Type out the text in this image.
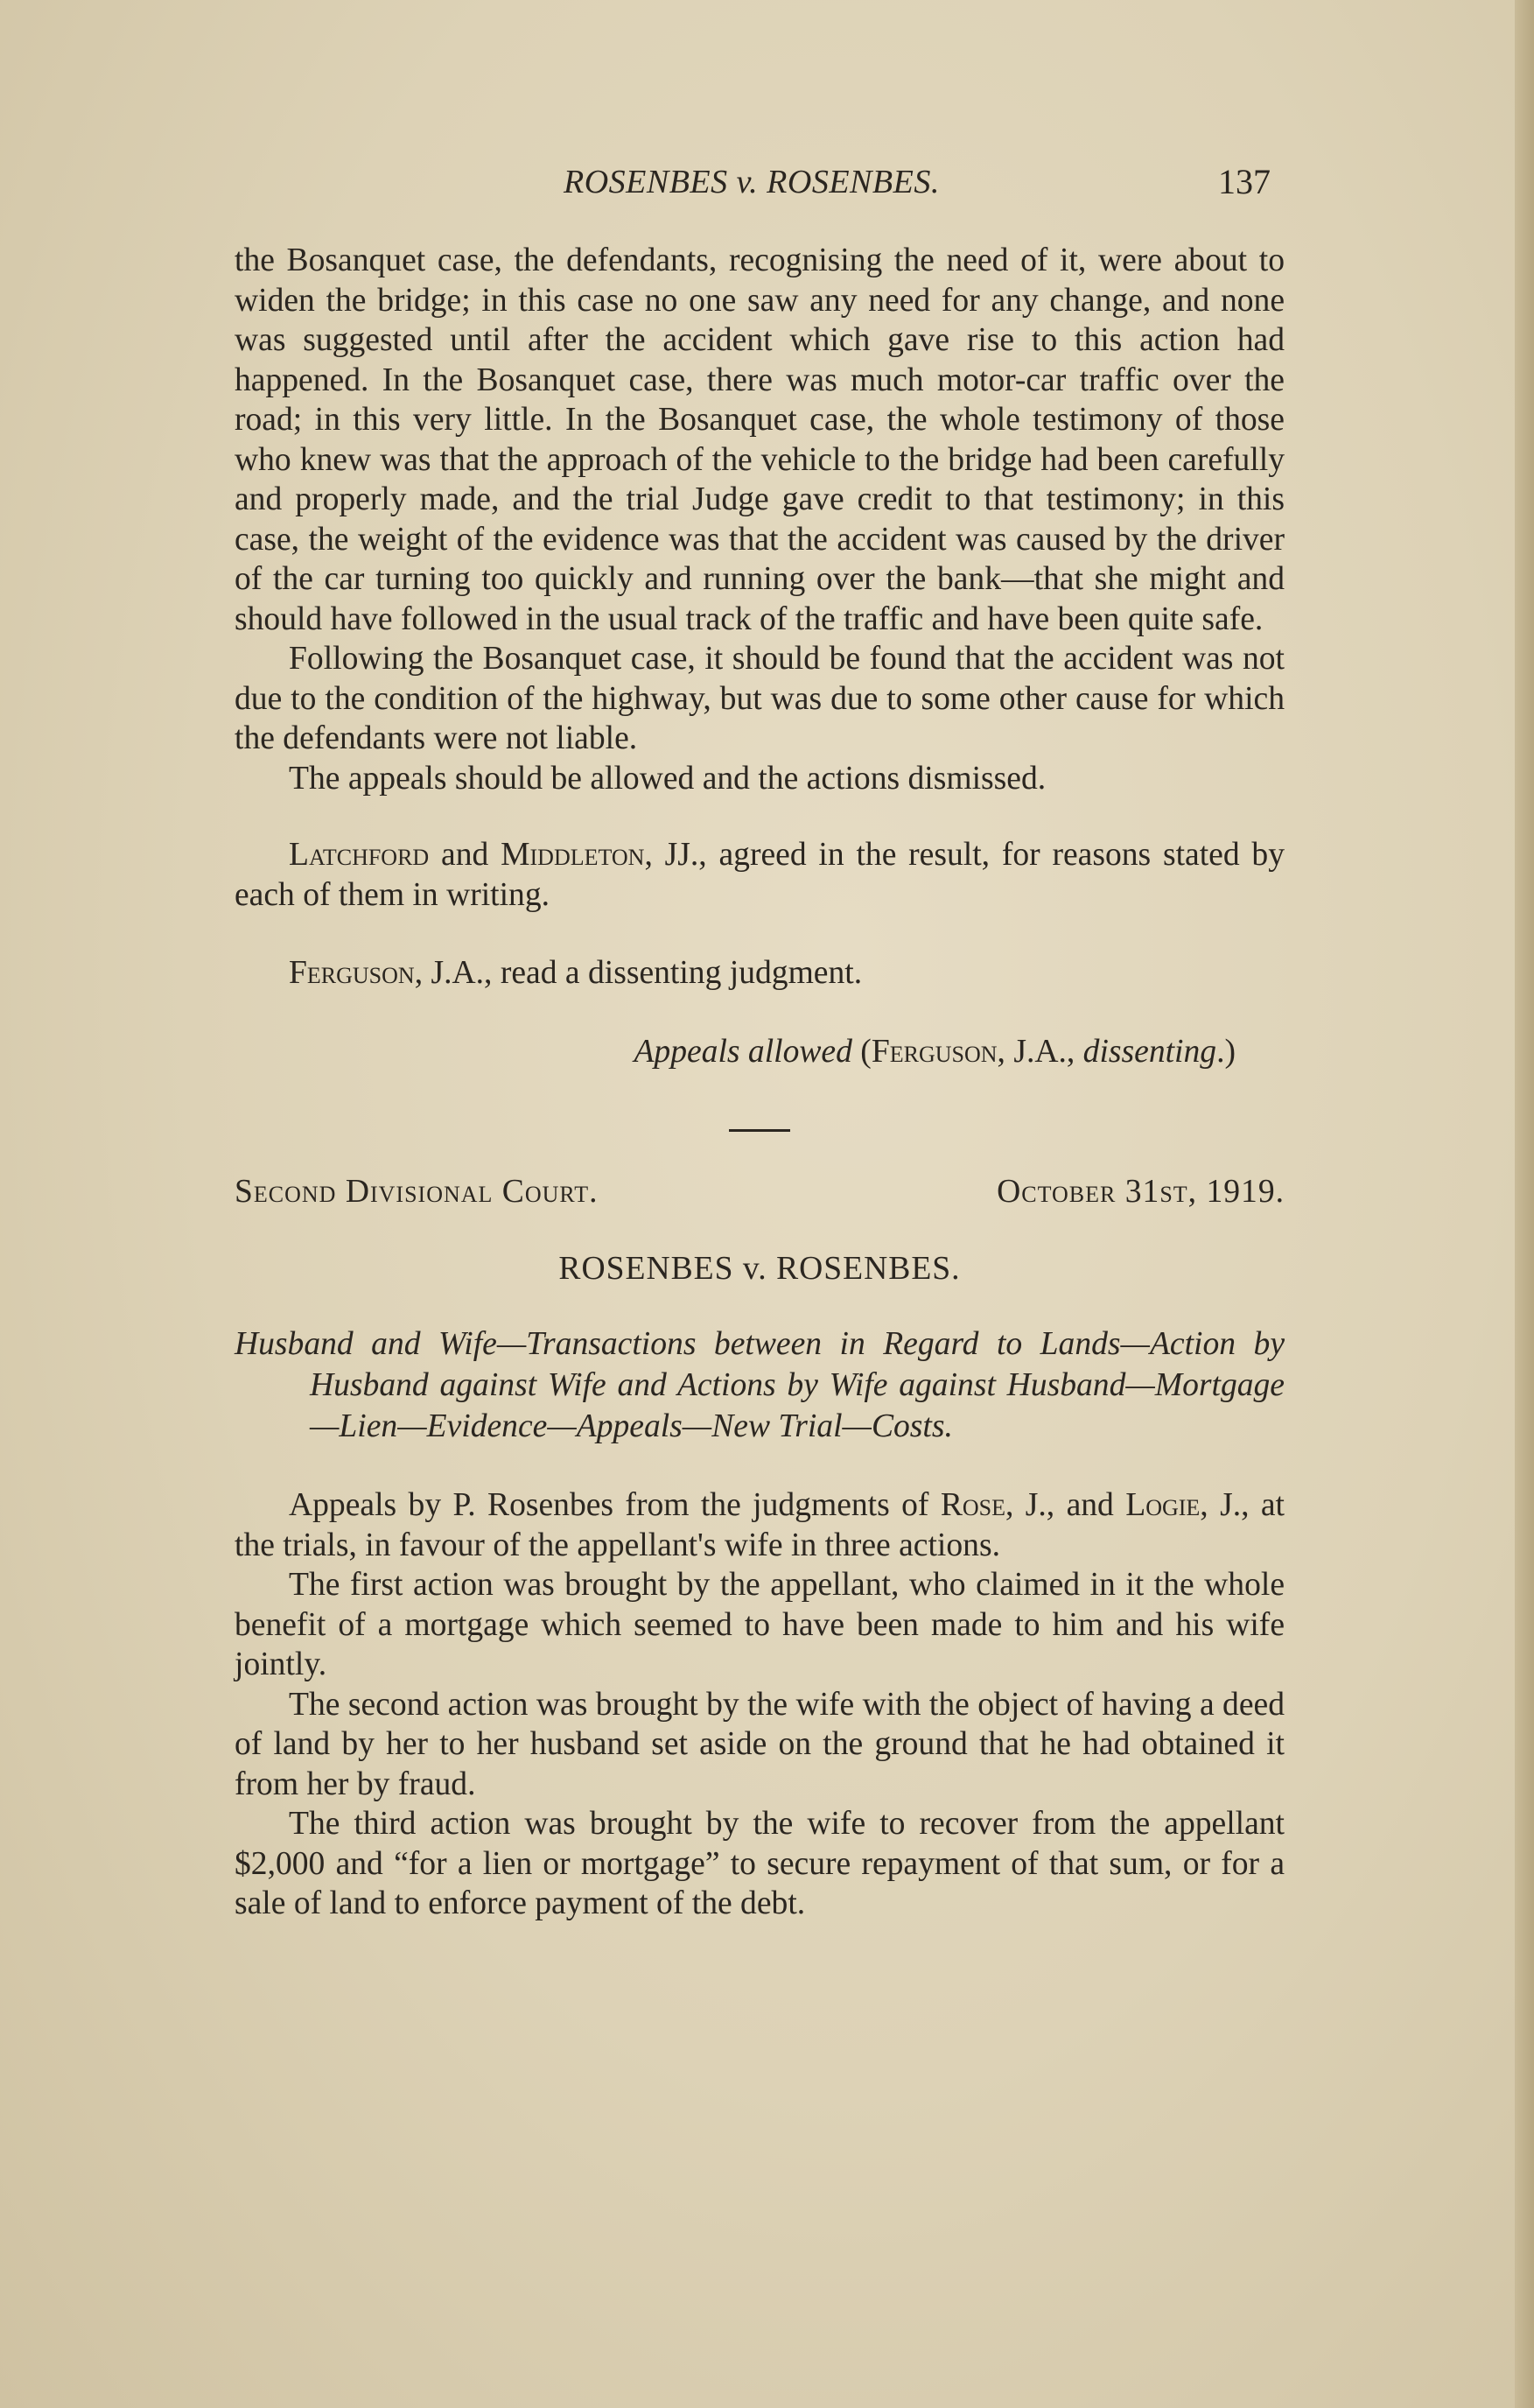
ROSENBES v. ROSENBES.	137

the Bosanquet case, the defendants, recognising the need of it, were about to widen the bridge; in this case no one saw any need for any change, and none was suggested until after the accident which gave rise to this action had happened. In the Bosanquet case, there was much motor-car traffic over the road; in this very little. In the Bosanquet case, the whole testimony of those who knew was that the approach of the vehicle to the bridge had been carefully and properly made, and the trial Judge gave credit to that testimony; in this case, the weight of the evidence was that the accident was caused by the driver of the car turning too quickly and running over the bank—that she might and should have followed in the usual track of the traffic and have been quite safe.

Following the Bosanquet case, it should be found that the accident was not due to the condition of the highway, but was due to some other cause for which the defendants were not liable.

The appeals should be allowed and the actions dismissed.

Latchford and Middleton, JJ., agreed in the result, for reasons stated by each of them in writing.

Ferguson, J.A., read a dissenting judgment.

Appeals allowed (Ferguson, J.A., dissenting.)
Second Divisional Court.	October 31st, 1919.
ROSENBES v. ROSENBES.
Husband and Wife—Transactions between in Regard to Lands—Action by Husband against Wife and Actions by Wife against Husband—Mortgage—Lien—Evidence—Appeals—New Trial—Costs.

Appeals by P. Rosenbes from the judgments of Rose, J., and Logie, J., at the trials, in favour of the appellant's wife in three actions.

The first action was brought by the appellant, who claimed in it the whole benefit of a mortgage which seemed to have been made to him and his wife jointly.

The second action was brought by the wife with the object of having a deed of land by her to her husband set aside on the ground that he had obtained it from her by fraud.

The third action was brought by the wife to recover from the appellant $2,000 and “for a lien or mortgage” to secure repayment of that sum, or for a sale of land to enforce payment of the debt.
